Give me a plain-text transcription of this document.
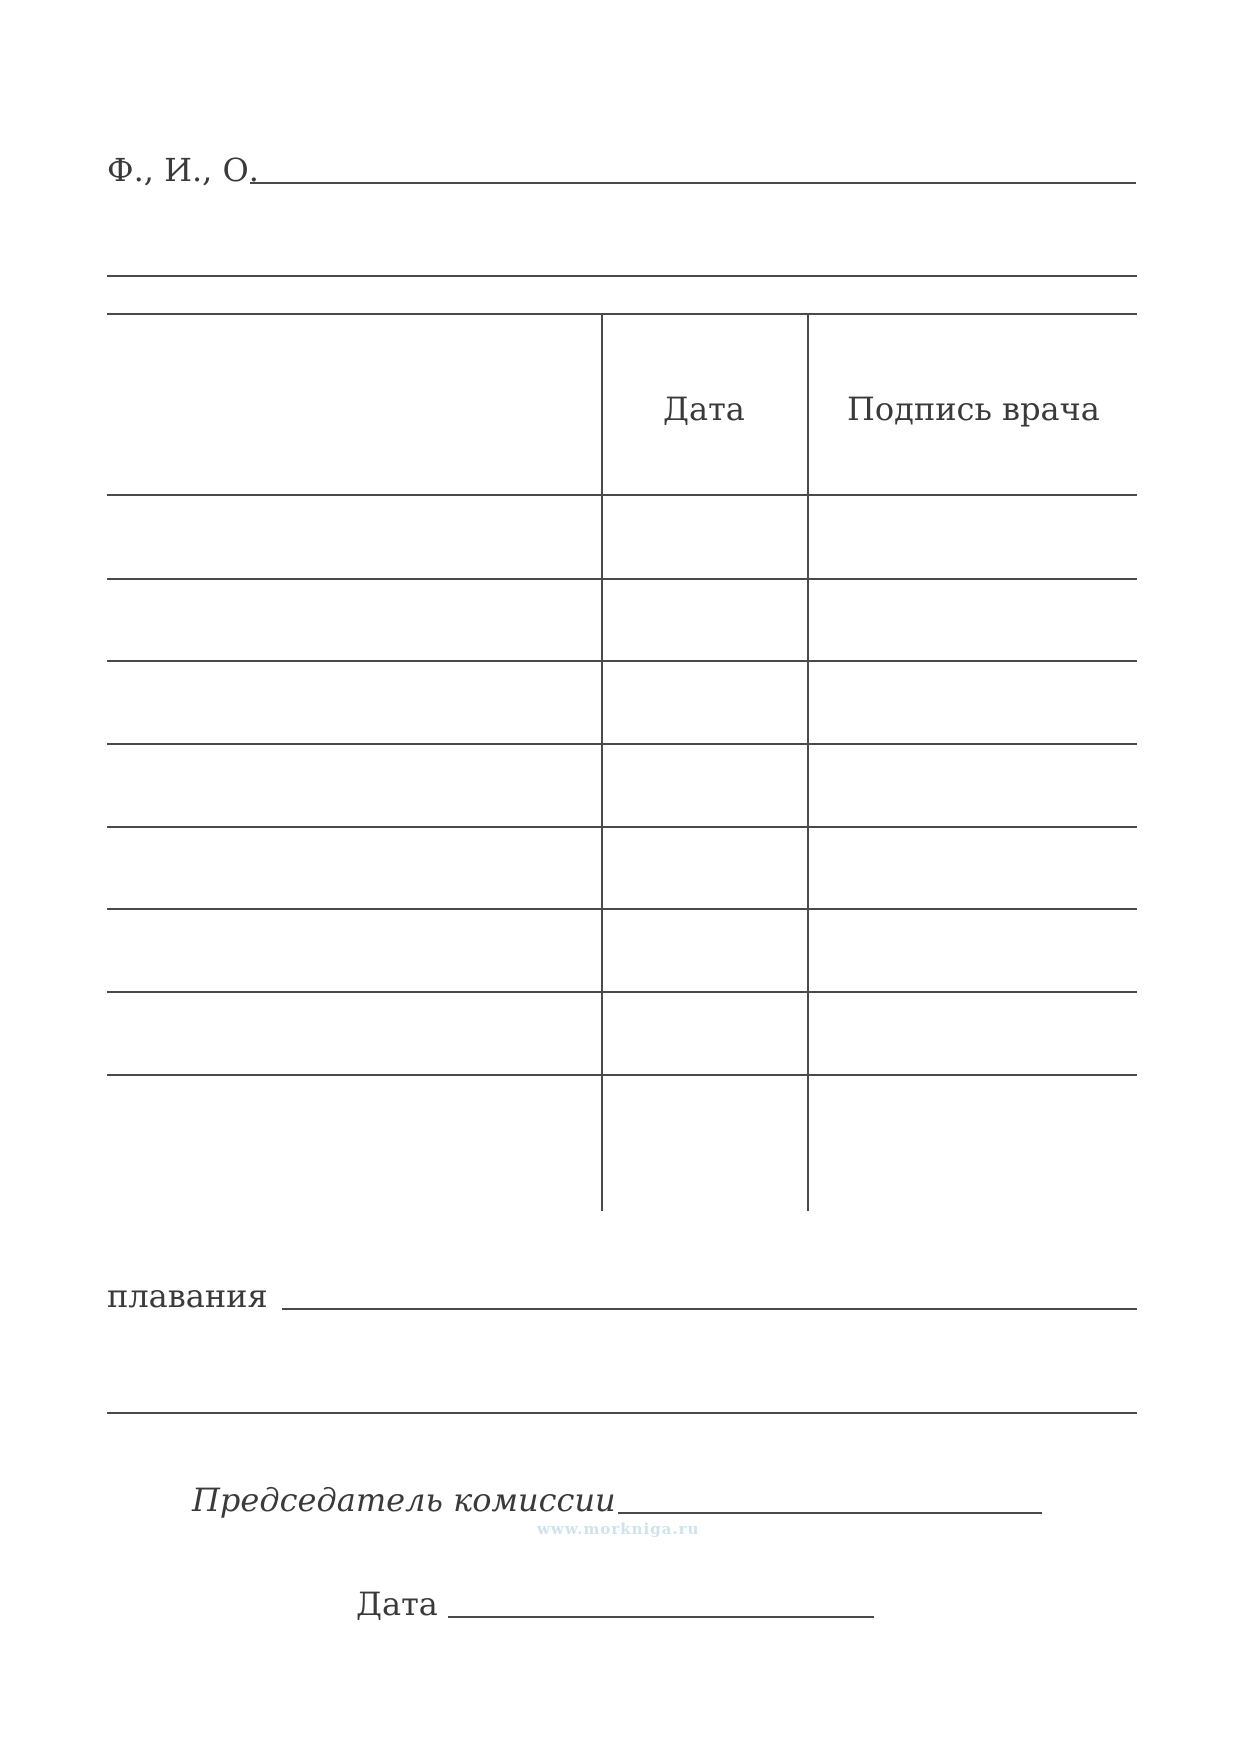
Ф., И., О.
Дата	Подпись врача
плавания
Председатель комиссии
www.morkniga.ru
Дата
